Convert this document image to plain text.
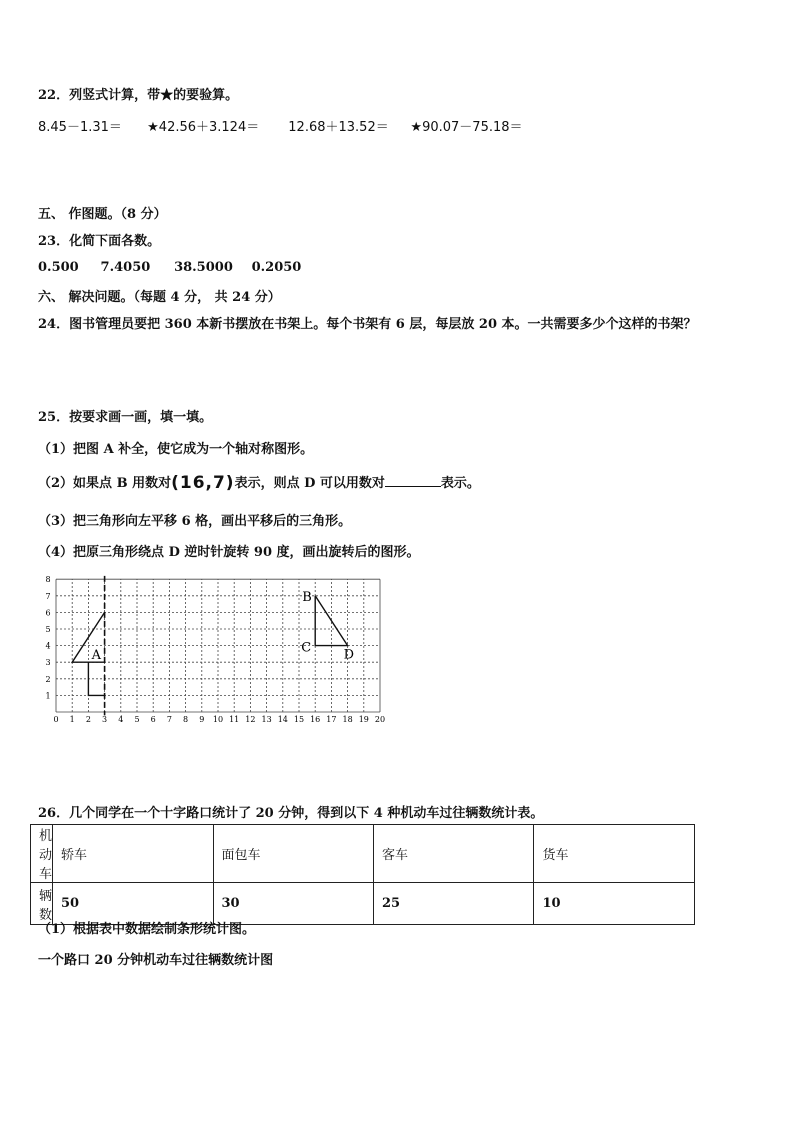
22．列竖式计算，带★的要验算。
8.45－1.31＝ ★42.56＋3.124＝ 12.68＋13.52＝ ★90.07－75.18＝
五、 作图题。（8 分）
23．化简下面各数。
0.500 7.4050 38.5000 0.2050
六、 解决问题。（每题 4 分， 共 24 分）
24．图书管理员要把 360 本新书摆放在书架上。每个书架有 6 层，每层放 20 本。一共需要多少个这样的书架？
25．按要求画一画，填一填。
（1）把图 A 补全，使它成为一个轴对称图形。
（2）如果点 B 用数对(16,7)表示，则点 D 可以用数对	表示。
（3）把三角形向左平移 6 格，画出平移后的三角形。
（4）把原三角形绕点 D 逆时针旋转 90 度，画出旋转后的图形。
0 1 2 3 4 5 6 7 8 9 10 11 12 13 14 15 16 17 18 19 20
1
2
3
4
5
6
7
8
A
B
C D
26．几个同学在一个十字路口统计了 20 分钟，得到以下 4 种机动车过往辆数统计表。
机动车	轿车	面包车	客车	货车
辆数	50	30	25	10
（1）根据表中数据绘制条形统计图。
一个路口 20 分钟机动车过往辆数统计图
